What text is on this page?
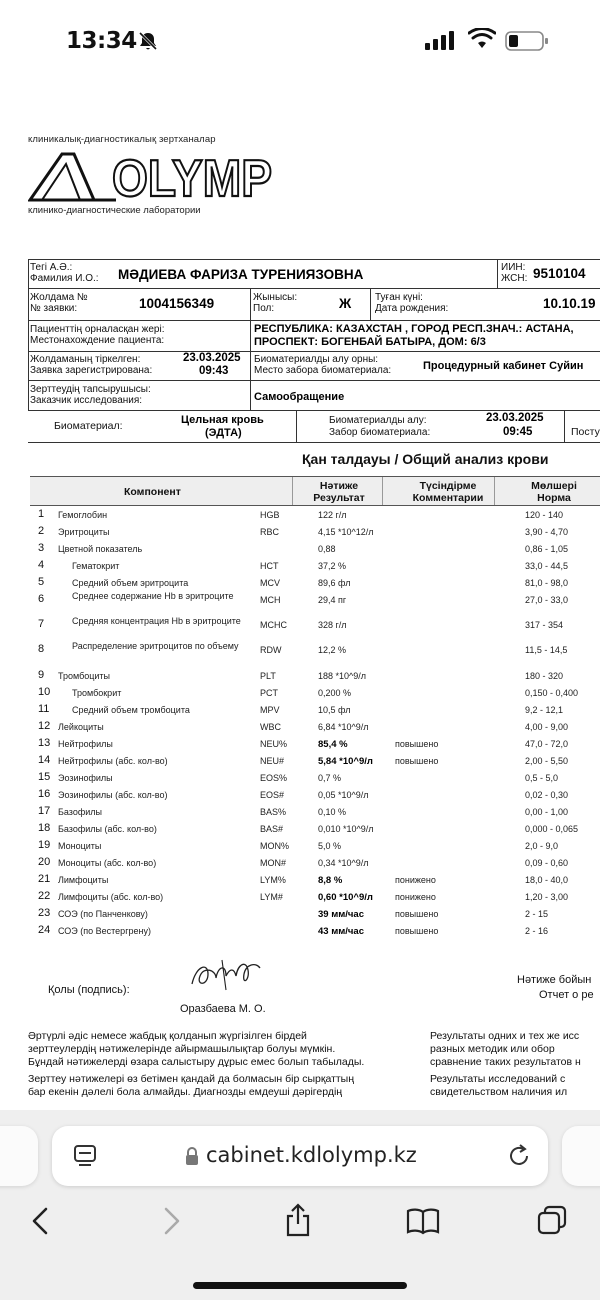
13:34
клиникалық-диагностикалық зертханалар
OLYMP
клинико-диагностические лаборатории
Тегі А.Ә.:
Фамилия И.О.: МӘДИЕВА ФАРИЗА ТУРЕНИЯЗОВНА	ИИН:
ЖСН: 9510104
Жолдама №
№ заявки:	1004156349	Жынысы:
Пол:	Ж Туған күні:
Дата рождения:	10.10.19
Пациенттің орналасқан жері:
Местонахождение пациента:
РЕСПУБЛИКА: КАЗАХСТАН , ГОРОД РЕСП.ЗНАЧ.: АСТАНА,
ПРОСПЕКТ: БОГЕНБАЙ БАТЫРА, ДОМ: 6/3
Жолдаманың тіркелген:
Заявка зарегистрирована:
23.03.2025
09:43
Биоматериалды алу орны:
Место забора биоматериала:	Процедурный кабинет Суйин
Зерттеудің тапсырушысы:
Заказчик исследования:	Самообращение
Биоматериал:	Цельная кровь
(ЭДТА)
Биоматериалды алу:
Забор биоматериала:
23.03.2025
09:45	Посту
Қан талдауы / Общий анализ крови
Компонент	Нәтиже
Результат
Түсіндірме
Комментарии
Мөлшері
Норма
1 Гемоглобин	HGB	122 г/л	120 - 140
2 Эритроциты	RBC	4,15 *10^12/л	3,90 - 4,70
3 Цветной показатель	0,88	0,86 - 1,05
4	Гематокрит	HCT	37,2 %	33,0 - 44,5
5	Средний объем эритроцита	MCV	89,6 фл	81,0 - 98,0
6	Среднее содержание Hb в эритроците	MCH	29,4 пг	27,0 - 33,0
7	Средняя концентрация Hb в эритроците MCHC	328 г/л	317 - 354
8	Распределение эритроцитов по объему	RDW	12,2 %	11,5 - 14,5
9 Тромбоциты	PLT	188 *10^9/л	180 - 320
10 Тромбокрит	PCT	0,200 %	0,150 - 0,400
11	Средний объем тромбоцита	MPV	10,5 фл	9,2 - 12,1
12 Лейкоциты	WBC	6,84 *10^9/л	4,00 - 9,00
13 Нейтрофилы	NEU%	85,4 %	повышено	47,0 - 72,0
14 Нейтрофилы (абс. кол-во)	NEU#	5,84 *10^9/л повышено	2,00 - 5,50
15 Эозинофилы	EOS%	0,7 %	0,5 - 5,0
16 Эозинофилы (абс. кол-во)	EOS#	0,05 *10^9/л	0,02 - 0,30
17 Базофилы	BAS%	0,10 %	0,00 - 1,00
18 Базофилы (абс. кол-во)	BAS#	0,010 *10^9/л	0,000 - 0,065
19 Моноциты	MON%	5,0 %	2,0 - 9,0
20 Моноциты (абс. кол-во)	MON#	0,34 *10^9/л	0,09 - 0,60
21 Лимфоциты	LYM%	8,8 %	понижено	18,0 - 40,0
22 Лимфоциты (абс. кол-во)	LYM#	0,60 *10^9/л понижено	1,20 - 3,00
23 СОЭ (по Панченкову)	39 мм/час	повышено	2 - 15
24 СОЭ (по Вестергрену)	43 мм/час	повышено	2 - 16
Қолы (подпись):
Оразбаева М. О.
Нәтиже бойын
Отчет о ре
Әртүрлі әдіс немесе жабдық қолданып жүргізілген бірдей
зерттеулердің нәтижелерінде айырмашылықтар болуы мүмкін.
Бұндай нәтижелерді өзара салыстыру дұрыс емес болып табылады.
Зерттеу нәтижелері өз бетімен қандай да болмасын бір сырқаттың
бар екенін дәлелі бола алмайды. Диагнозды емдеуші дәрігердің
Результаты одних и тех же исс
разных методик или обор
сравнение таких результатов н
Результаты исследований с
свидетельством наличия ил
cabinet.kdlolymp.kz
